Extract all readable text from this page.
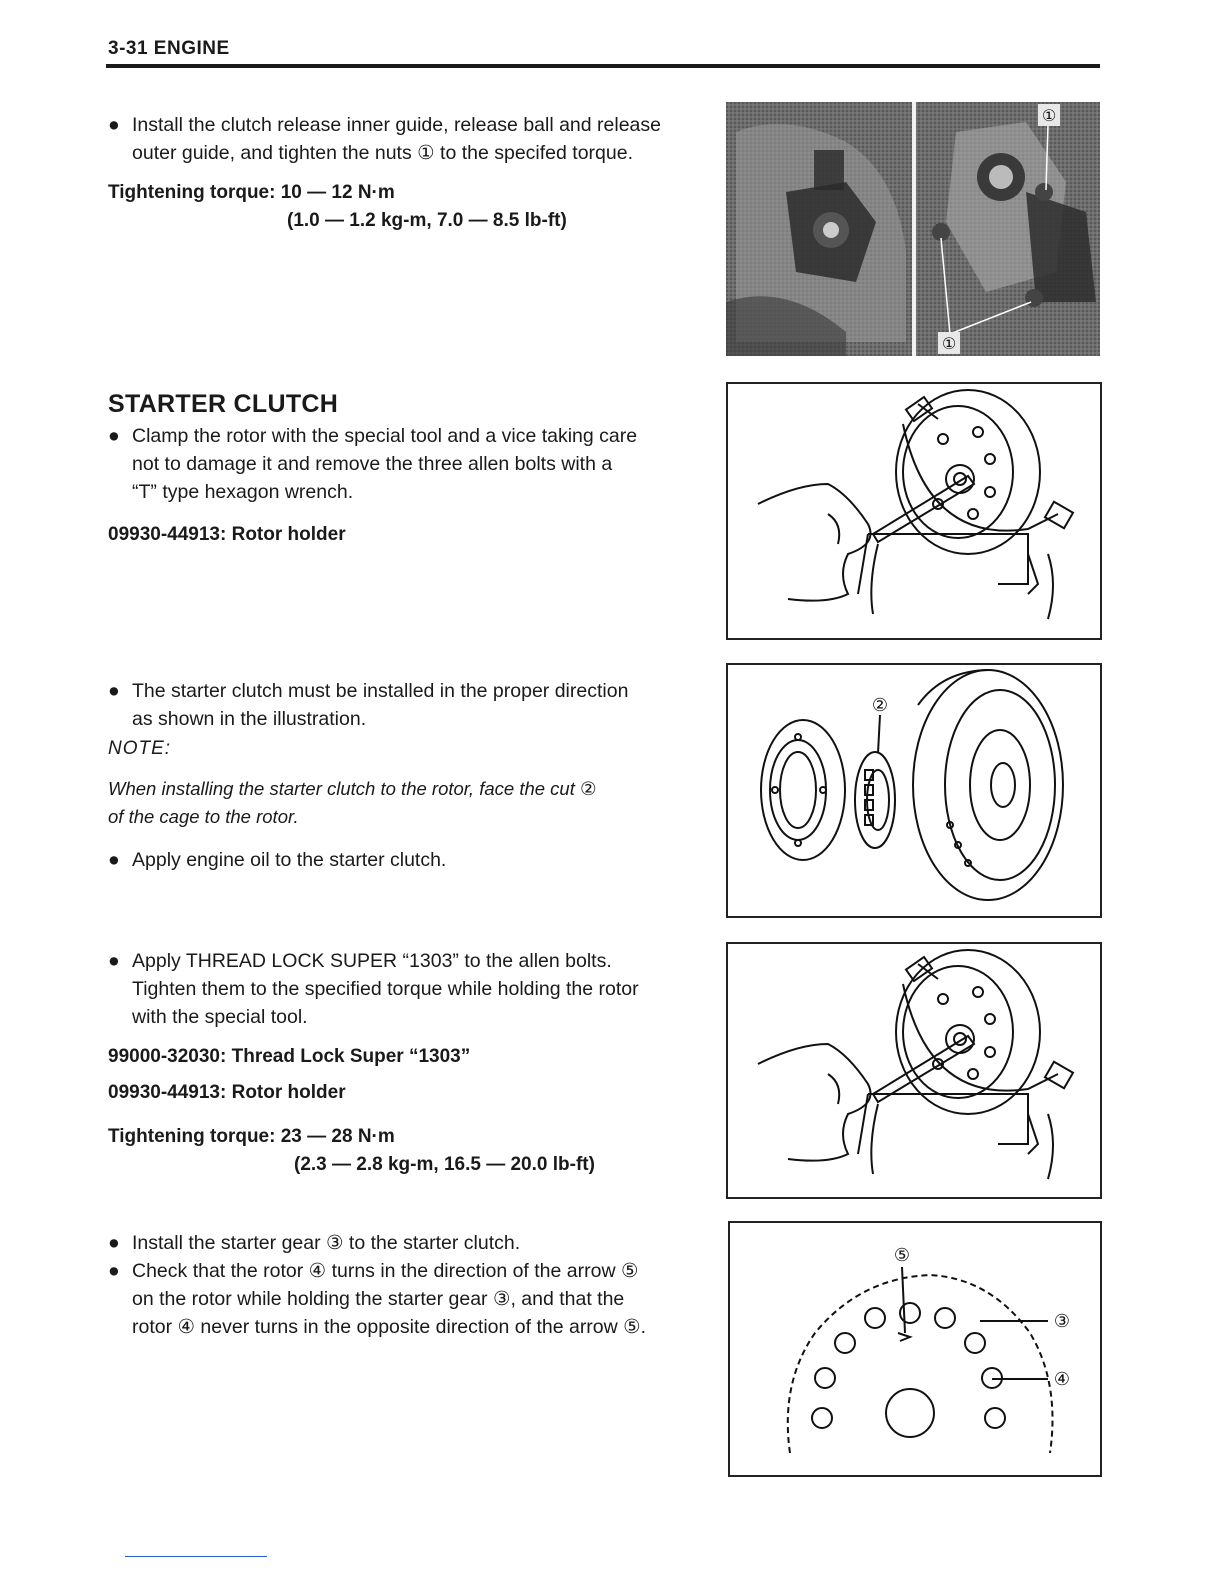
3-31 ENGINE
● Install the clutch release inner guide, release ball and release
outer guide, and tighten the nuts ① to the specifed torque.
Tightening torque: 10 — 12 N·m
(1.0 — 1.2 kg-m, 7.0 — 8.5 lb-ft)
①
①
STARTER CLUTCH
● Clamp the rotor with the special tool and a vice taking care
not to damage it and remove the three allen bolts with a
“T” type hexagon wrench.
09930-44913: Rotor holder
● The starter clutch must be installed in the proper direction
as shown in the illustration.
NOTE:
When installing the starter clutch to the rotor, face the cut ②
of the cage to the rotor.
● Apply engine oil to the starter clutch.
②
● Apply THREAD LOCK SUPER “1303” to the allen bolts.
Tighten them to the specified torque while holding the rotor
with the special tool.
99000-32030: Thread Lock Super “1303”
09930-44913: Rotor holder
Tightening torque: 23 — 28 N·m
(2.3 — 2.8 kg-m, 16.5 — 20.0 lb-ft)
● Install the starter gear ③ to the starter clutch.
● Check that the rotor ④ turns in the direction of the arrow ⑤
on the rotor while holding the starter gear ③, and that the
rotor ④ never turns in the opposite direction of the arrow ⑤.
⑤
③
④
